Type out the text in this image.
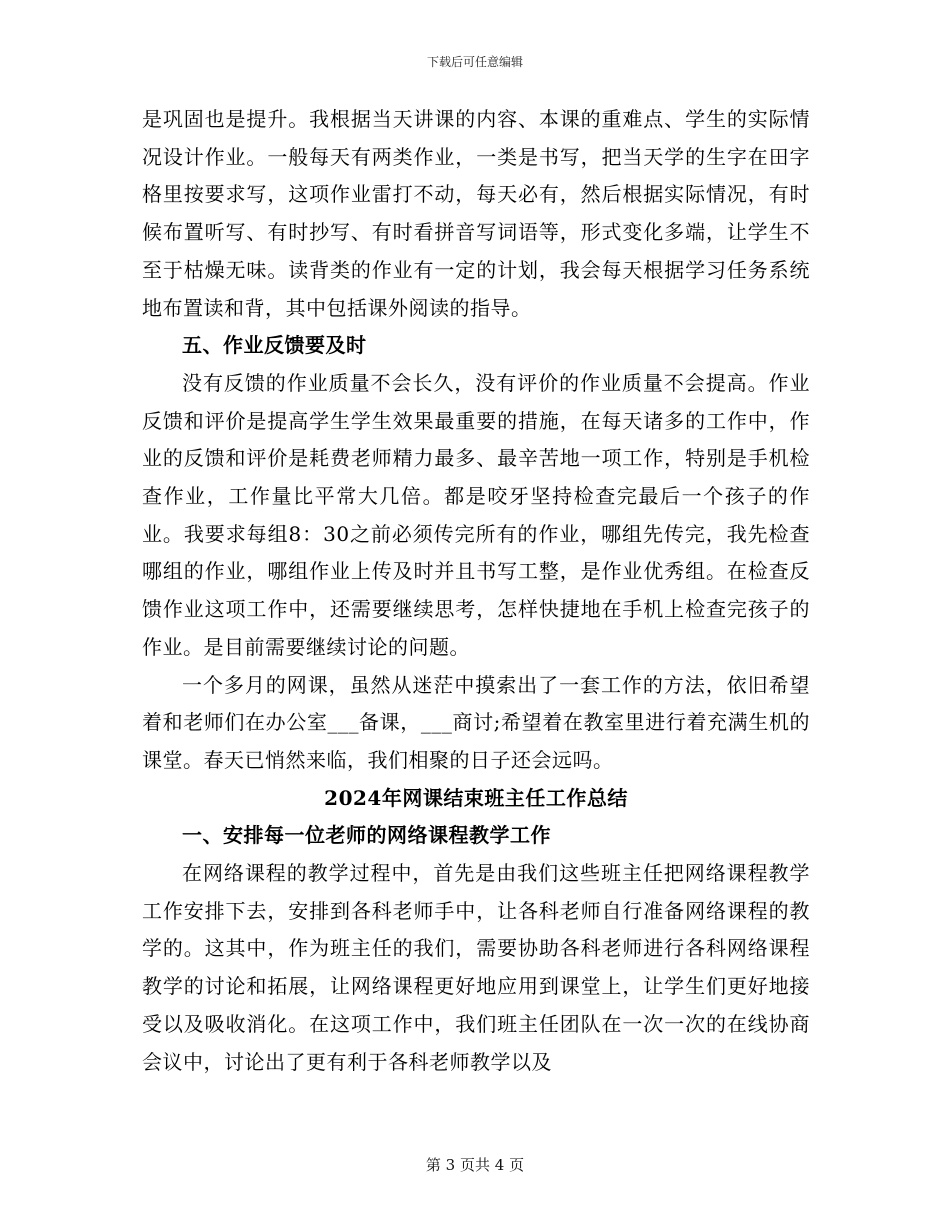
下载后可任意编辑

是巩固也是提升。我根据当天讲课的内容、本课的重难点、学生的实际情况设计作业。一般每天有两类作业，一类是书写，把当天学的生字在田字格里按要求写，这项作业雷打不动，每天必有，然后根据实际情况，有时候布置听写、有时抄写、有时看拼音写词语等，形式变化多端，让学生不至于枯燥无味。读背类的作业有一定的计划，我会每天根据学习任务系统地布置读和背，其中包括课外阅读的指导。

五、作业反馈要及时

没有反馈的作业质量不会长久，没有评价的作业质量不会提高。作业反馈和评价是提高学生学生效果最重要的措施，在每天诸多的工作中，作业的反馈和评价是耗费老师精力最多、最辛苦地一项工作，特别是手机检查作业，工作量比平常大几倍。都是咬牙坚持检查完最后一个孩子的作业。我要求每组8：30之前必须传完所有的作业，哪组先传完，我先检查哪组的作业，哪组作业上传及时并且书写工整，是作业优秀组。在检查反馈作业这项工作中，还需要继续思考，怎样快捷地在手机上检查完孩子的作业。是目前需要继续讨论的问题。

一个多月的网课，虽然从迷茫中摸索出了一套工作的方法，依旧希望着和老师们在办公室___备课，___商讨;希望着在教室里进行着充满生机的课堂。春天已悄然来临，我们相聚的日子还会远吗。

2024年网课结束班主任工作总结

一、安排每一位老师的网络课程教学工作

在网络课程的教学过程中，首先是由我们这些班主任把网络课程教学工作安排下去，安排到各科老师手中，让各科老师自行准备网络课程的教学的。这其中，作为班主任的我们，需要协助各科老师进行各科网络课程教学的讨论和拓展，让网络课程更好地应用到课堂上，让学生们更好地接受以及吸收消化。在这项工作中，我们班主任团队在一次一次的在线协商会议中，讨论出了更有利于各科老师教学以及

第 3 页共 4 页
